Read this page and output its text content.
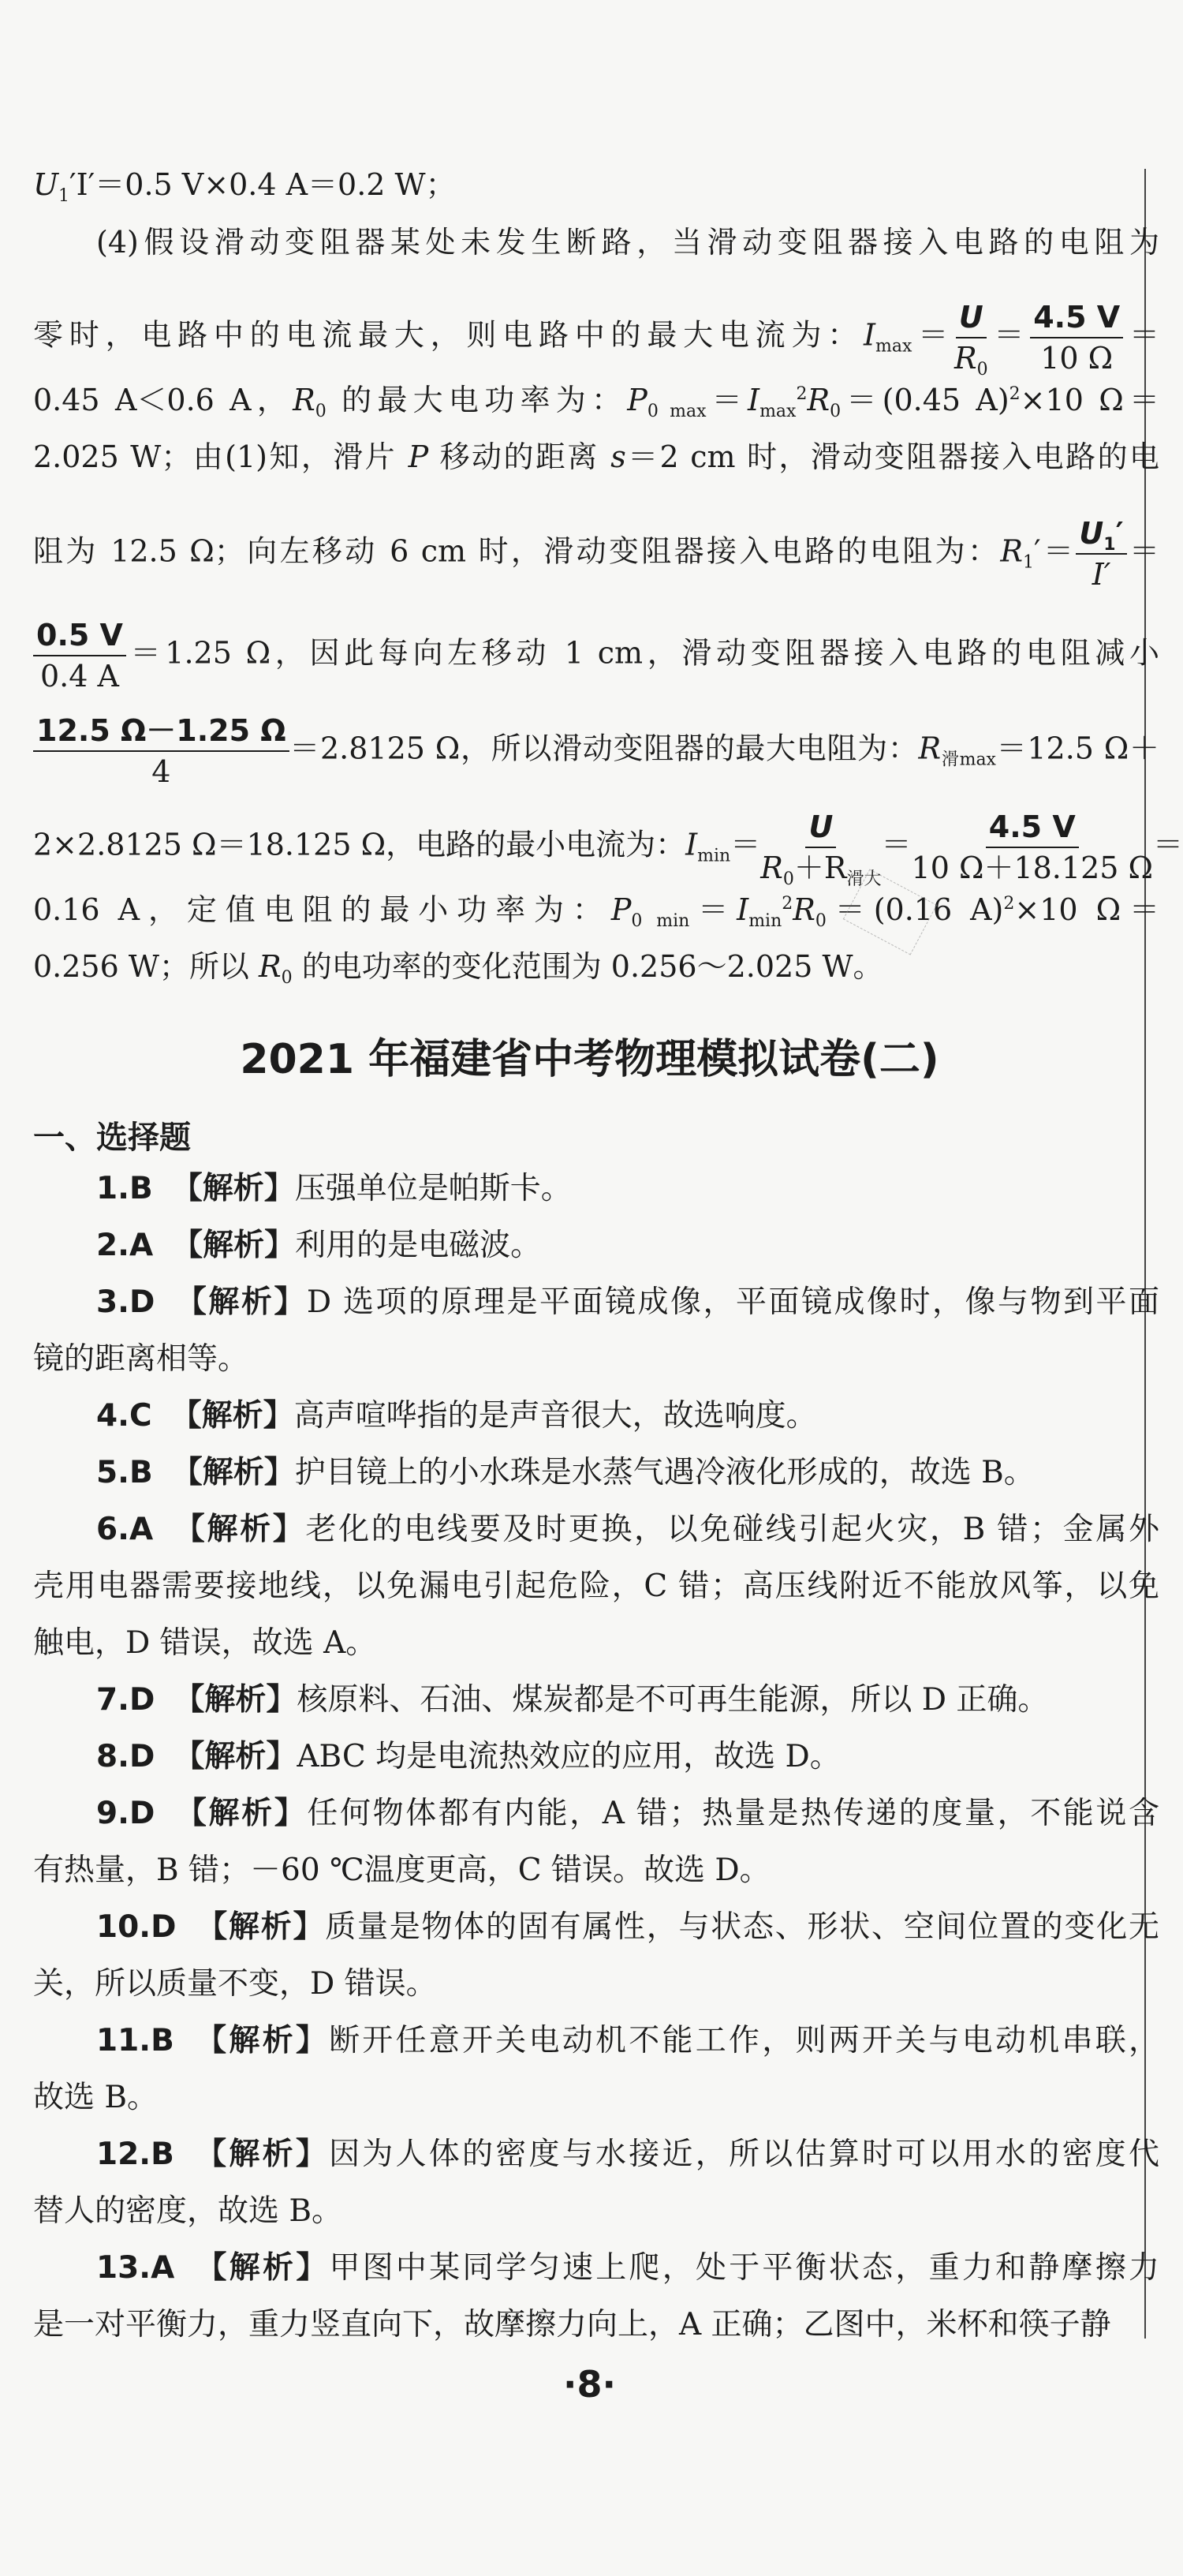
$U_1'I'=0.5$ V×0.4 A＝0.2 W；
(4)假设滑动变阻器某处未发生断路，当滑动变阻器接入电路的电阻为
零时，电路中的电流最大，则电路中的最大电流为：$I_{max}= \frac{U}{R_0} = \frac{4.5 V}{10 \Omega}$ ＝
0.45 A＜0.6 A，$R_0$ 的最大电功率为：$P_{0 max}=I_{max}^2R_0=(0.45$ A)$^2$×10 Ω＝
2.025 W；由(1)知，滑片 P 移动的距离 s＝2 cm 时，滑动变阻器接入电路的电
阻为 12.5 Ω；向左移动 6 cm 时，滑动变阻器接入电路的电阻为：$R_1'= \frac{U_1'}{I'}$ ＝
$\frac{0.5 V}{0.4 A} =1.25$ Ω，因此每向左移动 1 cm，滑动变阻器接入电路的电阻减小
$\frac{12.5 \Omega-1.25 \Omega}{4} =2.8125$ Ω，所以滑动变阻器的最大电阻为：$R_{滑max}=12.5$ Ω＋
2×2.8125 Ω＝18.125 Ω，电路的最小电流为：$I_{min}= \frac{U}{R_0+R_{滑大}} = \frac{4.5 V}{10 \Omega+18.125 \Omega}$ ＝
0.16 A，定值电阻的最小功率为：$P_{0 min}=I_{min}^2R_0=(0.16$ A)$^2$×10 Ω＝
0.256 W；所以 $R_0$ 的电功率的变化范围为 0.256～2.025 W。
2021 年福建省中考物理模拟试卷(二)
一、选择题
1.B 【解析】压强单位是帕斯卡。
2.A 【解析】利用的是电磁波。
3.D 【解析】D 选项的原理是平面镜成像，平面镜成像时，像与物到平面
镜的距离相等。
4.C 【解析】高声喧哗指的是声音很大，故选响度。
5.B 【解析】护目镜上的小水珠是水蒸气遇冷液化形成的，故选 B。
6.A 【解析】老化的电线要及时更换，以免碰线引起火灾，B 错；金属外
壳用电器需要接地线，以免漏电引起危险，C 错；高压线附近不能放风筝，以免
触电，D 错误，故选 A。
7.D 【解析】核原料、石油、煤炭都是不可再生能源，所以 D 正确。
8.D 【解析】ABC 均是电流热效应的应用，故选 D。
9.D 【解析】任何物体都有内能，A 错；热量是热传递的度量，不能说含
有热量，B 错；－60 ℃温度更高，C 错误。故选 D。
10.D 【解析】质量是物体的固有属性，与状态、形状、空间位置的变化无
关，所以质量不变，D 错误。
11.B 【解析】断开任意开关电动机不能工作，则两开关与电动机串联，
故选 B。
12.B 【解析】因为人体的密度与水接近，所以估算时可以用水的密度代
替人的密度，故选 B。
13.A 【解析】甲图中某同学匀速上爬，处于平衡状态，重力和静摩擦力
是一对平衡力，重力竖直向下，故摩擦力向上，A 正确；乙图中，米杯和筷子静
·8·
